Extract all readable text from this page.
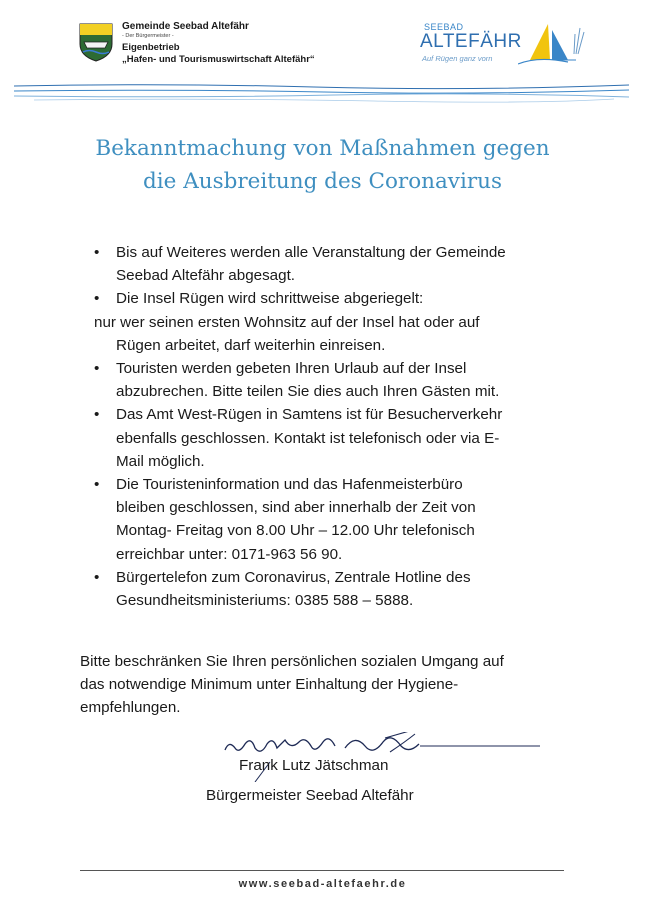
Gemeinde Seebad Altefähr
- Der Bürgermeister -
Eigenbetrieb
„Hafen- und Tourismuswirtschaft Altefähr“
SEEBAD
ALTEFÄHR
Auf Rügen ganz vorn
Bekanntmachung von Maßnahmen gegen
die Ausbreitung des Coronavirus
• Bis auf Weiteres werden alle Veranstaltung der Gemeinde
Seebad Altefähr abgesagt.
• Die Insel Rügen wird schrittweise abgeriegelt:
nur wer seinen ersten Wohnsitz auf der Insel hat oder auf
Rügen arbeitet, darf weiterhin einreisen.
• Touristen werden gebeten Ihren Urlaub auf der Insel
abzubrechen. Bitte teilen Sie dies auch Ihren Gästen mit.
• Das Amt West-Rügen in Samtens ist für Besucherverkehr
ebenfalls geschlossen. Kontakt ist telefonisch oder via E-
Mail möglich.
• Die Touristeninformation und das Hafenmeisterbüro
bleiben geschlossen, sind aber innerhalb der Zeit von
Montag- Freitag von 8.00 Uhr – 12.00 Uhr telefonisch
erreichbar unter: 0171-963 56 90.
• Bürgertelefon zum Coronavirus, Zentrale Hotline des
Gesundheitsministeriums: 0385 588 – 5888.
Bitte beschränken Sie Ihren persönlichen sozialen Umgang auf
das notwendige Minimum unter Einhaltung der Hygiene-
empfehlungen.
Frank Lutz Jätschman
Bürgermeister Seebad Altefähr
www.seebad-altefaehr.de
